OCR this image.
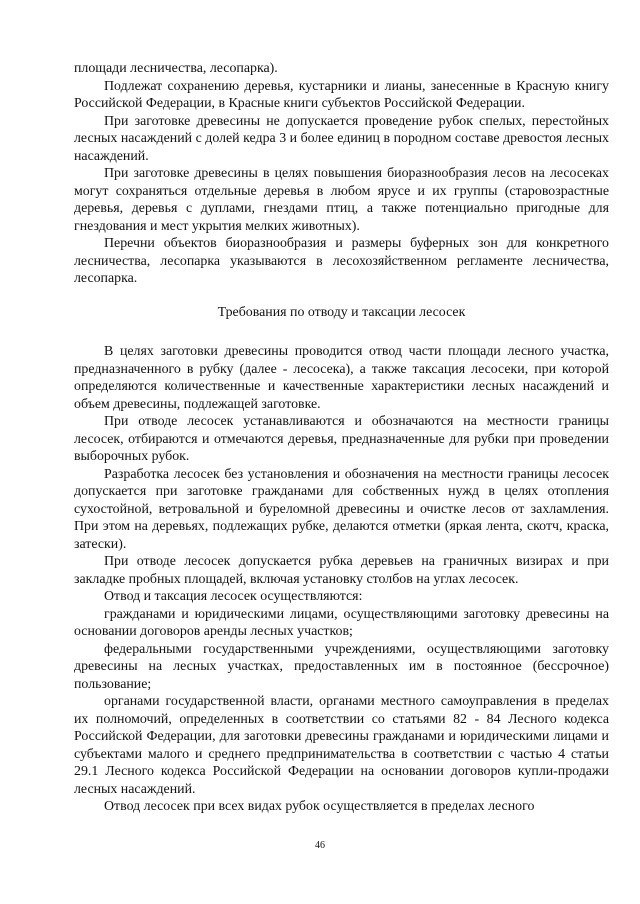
площади лесничества, лесопарка).

Подлежат сохранению деревья, кустарники и лианы, занесенные в Красную книгу Российской Федерации, в Красные книги субъектов Российской Федерации.

При заготовке древесины не допускается проведение рубок спелых, перестойных лесных насаждений с долей кедра 3 и более единиц в породном составе древостоя лесных насаждений.

При заготовке древесины в целях повышения биоразнообразия лесов на лесосеках могут сохраняться отдельные деревья в любом ярусе и их группы (старовозрастные деревья, деревья с дуплами, гнездами птиц, а также потенциально пригодные для гнездования и мест укрытия мелких животных).

Перечни объектов биоразнообразия и размеры буферных зон для конкретного лесничества, лесопарка указываются в лесохозяйственном регламенте лесничества, лесопарка.

Требования по отводу и таксации лесосек

В целях заготовки древесины проводится отвод части площади лесного участка, предназначенного в рубку (далее - лесосека), а также таксация лесосеки, при которой определяются количественные и качественные характеристики лесных насаждений и объем древесины, подлежащей заготовке.

При отводе лесосек устанавливаются и обозначаются на местности границы лесосек, отбираются и отмечаются деревья, предназначенные для рубки при проведении выборочных рубок.

Разработка лесосек без установления и обозначения на местности границы лесосек допускается при заготовке гражданами для собственных нужд в целях отопления сухостойной, ветровальной и буреломной древесины и очистке лесов от захламления. При этом на деревьях, подлежащих рубке, делаются отметки (яркая лента, скотч, краска, затески).

При отводе лесосек допускается рубка деревьев на граничных визирах и при закладке пробных площадей, включая установку столбов на углах лесосек.

Отвод и таксация лесосек осуществляются:

гражданами и юридическими лицами, осуществляющими заготовку древесины на основании договоров аренды лесных участков;

федеральными государственными учреждениями, осуществляющими заготовку древесины на лесных участках, предоставленных им в постоянное (бессрочное) пользование;

органами государственной власти, органами местного самоуправления в пределах их полномочий, определенных в соответствии со статьями 82 - 84 Лесного кодекса Российской Федерации, для заготовки древесины гражданами и юридическими лицами и субъектами малого и среднего предпринимательства в соответствии с частью 4 статьи 29.1 Лесного кодекса Российской Федерации на основании договоров купли-продажи лесных насаждений.

Отвод лесосек при всех видах рубок осуществляется в пределах лесного

46
